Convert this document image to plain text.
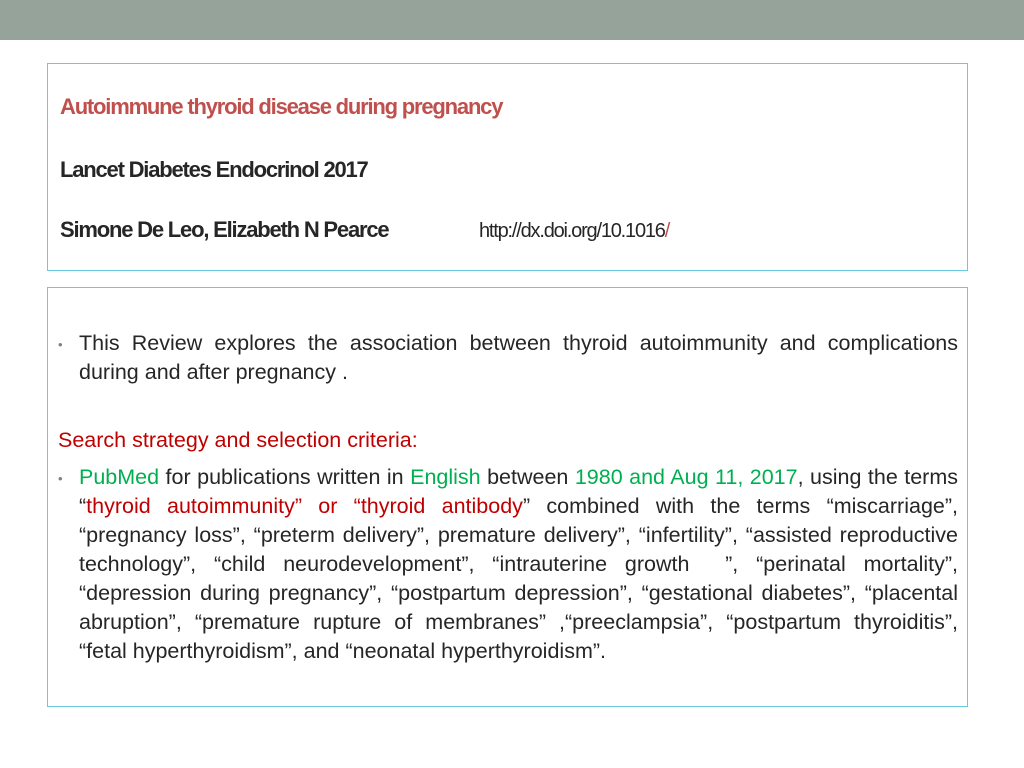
Autoimmune thyroid disease during pregnancy
Lancet Diabetes Endocrinol 2017
Simone De Leo, Elizabeth N Pearce	http://dx.doi.org/10.1016/
• This Review explores the association between thyroid autoimmunity and complications during and after pregnancy .
Search strategy and selection criteria:
• PubMed for publications written in English between 1980 and Aug 11, 2017, using the terms “thyroid autoimmunity” or “thyroid antibody” combined with the terms “miscarriage”, “pregnancy loss”, “preterm delivery”, premature delivery”, “infertility”, “assisted reproductive technology”, “child neurodevelopment”, “intrauterine growth  ”, “perinatal mortality”, “depression during pregnancy”, “postpartum depression”, “gestational diabetes”, “placental abruption”, “premature rupture of membranes” ,“preeclampsia”, “postpartum thyroiditis”, “fetal hyperthyroidism”, and “neonatal hyperthyroidism”.
